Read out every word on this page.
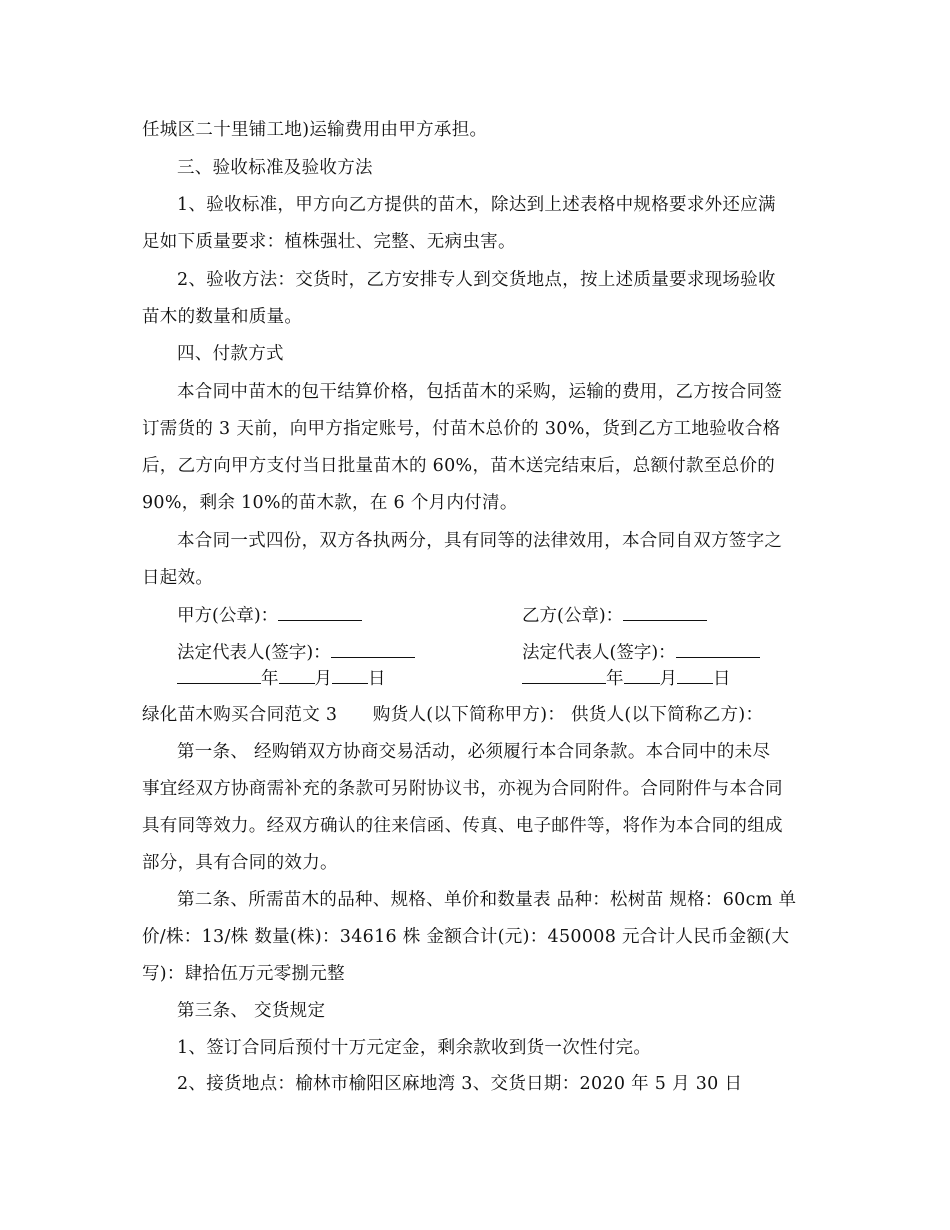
任城区二十里铺工地)运输费用由甲方承担。
三、验收标准及验收方法
1、验收标准，甲方向乙方提供的苗木，除达到上述表格中规格要求外还应满
足如下质量要求：植株强壮、完整、无病虫害。
2、验收方法：交货时，乙方安排专人到交货地点，按上述质量要求现场验收
苗木的数量和质量。
四、付款方式
本合同中苗木的包干结算价格，包括苗木的采购，运输的费用，乙方按合同签
订需货的 3 天前，向甲方指定账号，付苗木总价的 30%，货到乙方工地验收合格
后，乙方向甲方支付当日批量苗木的 60%，苗木送完结束后，总额付款至总价的
90%，剩余 10%的苗木款，在 6 个月内付清。
本合同一式四份，双方各执两分，具有同等的法律效用，本合同自双方签字之
日起效。
甲方(公章)：	乙方(公章)：
法定代表人(签字)：	法定代表人(签字)：
年 月 日	年 月 日
绿化苗木购买合同范文 3　　购货人(以下简称甲方)： 供货人(以下简称乙方)：
第一条、 经购销双方协商交易活动，必须履行本合同条款。本合同中的未尽
事宜经双方协商需补充的条款可另附协议书，亦视为合同附件。合同附件与本合同
具有同等效力。经双方确认的往来信函、传真、电子邮件等，将作为本合同的组成
部分，具有合同的效力。
第二条、所需苗木的品种、规格、单价和数量表 品种：松树苗 规格：60cm 单
价/株：13/株 数量(株)：34616 株 金额合计(元)：450008 元合计人民币金额(大
写)：肆拾伍万元零捌元整
第三条、 交货规定
1、签订合同后预付十万元定金，剩余款收到货一次性付完。
2、接货地点：榆林市榆阳区麻地湾 3、交货日期：2020 年 5 月 30 日
